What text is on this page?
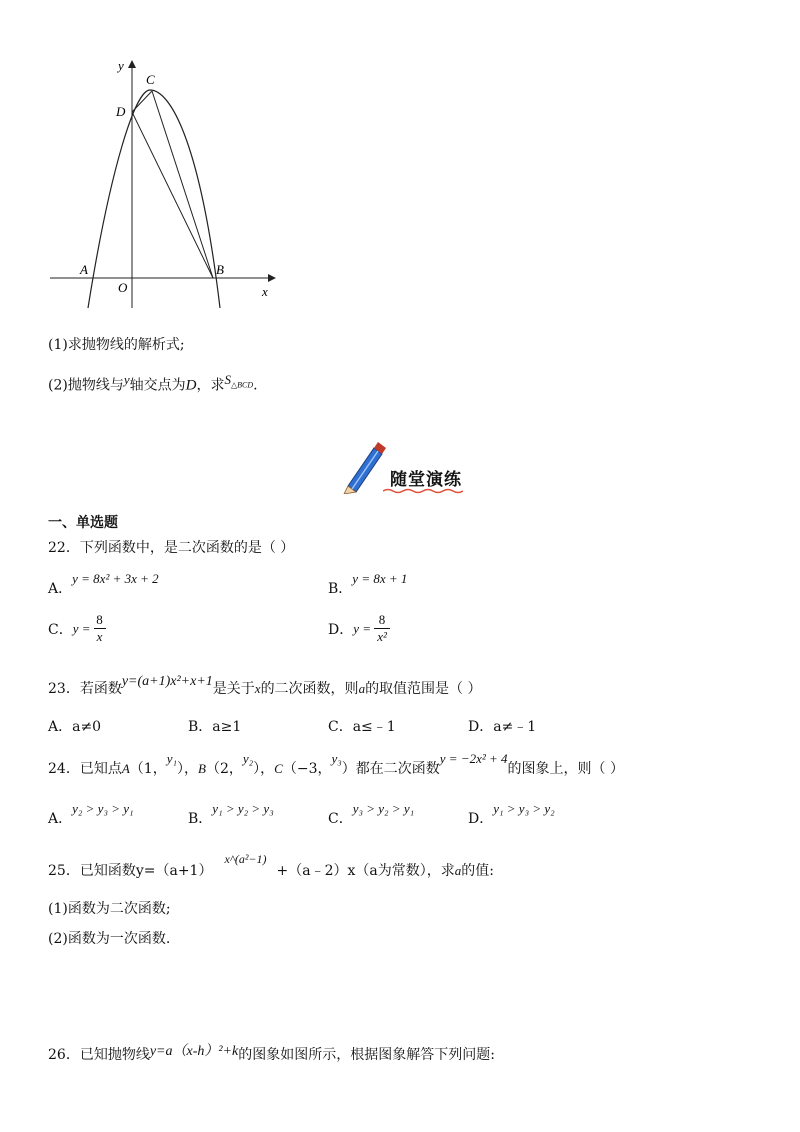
y
x
O
A	B
C
D
(1)求抛物线的解析式;
(2)抛物线与$^y$轴交点为D，求$^{S_{\triangle BCD}}$.
随堂演练
一、单选题
22．下列函数中，是二次函数的是（ ）
A．y = 8x² + 3x + 2
B．y = 8x + 1
C． y =
8
x	D． y =
8
x²
23．若函数y=(a+1)x²+x+1是关于x的二次函数，则a的取值范围是（ ）
A．a≠0	B．a≥1	C．a≤﹣1	D．a≠﹣1
24．已知点A（1，y₁），B（2，y₂），C（−3，y₃）都在二次函数y = −2x² + 4的图象上，则（ ）
A．y₂ > y₃ > y₁
B．y₁ > y₂ > y₃
C．y₃ > y₂ > y₁
D．y₁ > y₃ > y₂
25．已知函数y=（a+1）x^(a²−1)+（a﹣2）x（a为常数），求a的值:
(1)函数为二次函数;
(2)函数为一次函数.
26．已知抛物线y=a（x-h）²+k的图象如图所示，根据图象解答下列问题:
